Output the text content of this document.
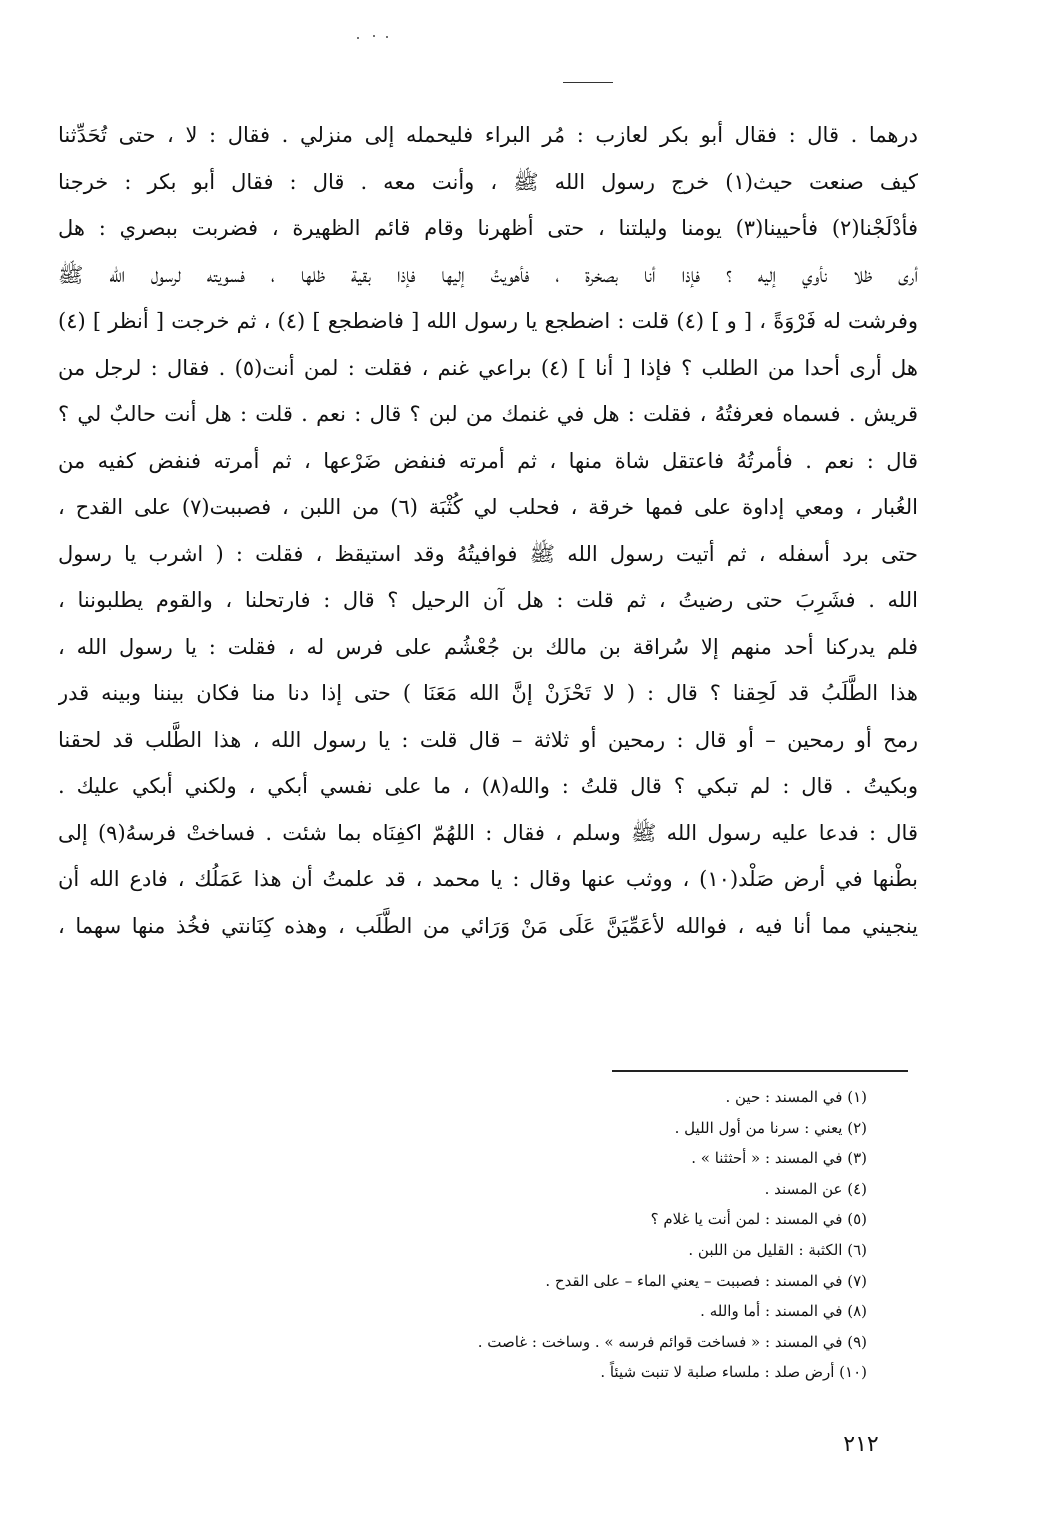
درهما . قال : فقال أبو بكر لعازب : مُر البراء فليحمله إلى منزلي . فقال : لا ، حتى تُحَدِّثنا
كيف صنعت حيث(١) خرج رسول الله ﷺ ، وأنت معه . قال : فقال أبو بكر : خرجنا
فأدْلَجْنا(٢) فأحيينا(٣) يومنا وليلتنا ، حتى أظهرنا وقام قائم الظهيرة ، فضربت ببصري : هل
أرى ظلا نأوي إليه ؟ فإذا أنا بصخرة ، فأهويتُ إليها فإذا بقية ظلها ، فسويته لرسول الله ﷺ
وفرشت له فَرْوَةً ، [ و ] (٤) قلت : اضطجع يا رسول الله [ فاضطجع ] (٤) ، ثم خرجت [ أنظر ] (٤)
هل أرى أحدا من الطلب ؟ فإذا [ أنا ] (٤) براعي غنم ، فقلت : لمن أنت(٥) . فقال : لرجل من
قريش . فسماه فعرفتُهُ ، فقلت : هل في غنمك من لبن ؟ قال : نعم . قلت : هل أنت حالبٌ لي ؟
قال : نعم . فأمرتُهُ فاعتقل شاة منها ، ثم أمرته فنفض ضَرْعها ، ثم أمرته فنفض كفيه من
الغُبار ، ومعي إداوة على فمها خرقة ، فحلب لي كُثْبَة (٦) من اللبن ، فصببت(٧) على القدح ،
حتى برد أسفله ، ثم أتيت رسول الله ﷺ فوافيتُهُ وقد استيقظ ، فقلت : ( اشرب يا رسول
الله . فشَرِبَ حتى رضيتُ ، ثم قلت : هل آن الرحيل ؟ قال : فارتحلنا ، والقوم يطلبوننا ،
فلم يدركنا أحد منهم إلا سُراقة بن مالك بن جُعْشُم على فرس له ، فقلت : يا رسول الله ،
هذا الطَّلَبُ قد لَحِقنا ؟ قال : ( لا تَحْزَنْ إنَّ الله مَعَنَا ) حتى إذا دنا منا فكان بيننا وبينه قدر
رمح أو رمحين – أو قال : رمحين أو ثلاثة – قال قلت : يا رسول الله ، هذا الطَّلب قد لحقنا
وبكيتُ . قال : لم تبكي ؟ قال قلتُ : والله(٨) ، ما على نفسي أبكي ، ولكني أبكي عليك .
قال : فدعا عليه رسول الله ﷺ وسلم ، فقال : اللهُمّ اكفِنَاه بما شئت . فساختْ فرسهُ(٩) إلى
بطْنها في أرض صَلْد(١٠) ، ووثب عنها وقال : يا محمد ، قد علمتُ أن هذا عَمَلُك ، فادع الله أن
ينجيني مما أنا فيه ، فوالله لأعَمِّيَنَّ عَلَى مَنْ وَرَائي من الطَّلَب ، وهذه كِنَانتي فخُذ منها سهما ،
(١) في المسند : حين .
(٢) يعني : سرنا من أول الليل .
(٣) في المسند : « أحثثنا » .
(٤) عن المسند .
(٥) في المسند : لمن أنت يا غلام ؟
(٦) الكثبة : القليل من اللبن .
(٧) في المسند : فصببت – يعني الماء – على القدح .
(٨) في المسند : أما والله .
(٩) في المسند : « فساخت قوائم فرسه » . وساخت : غاصت .
(١٠) أرض صلد : ملساء صلبة لا تنبت شيئاً .
٢١٢
